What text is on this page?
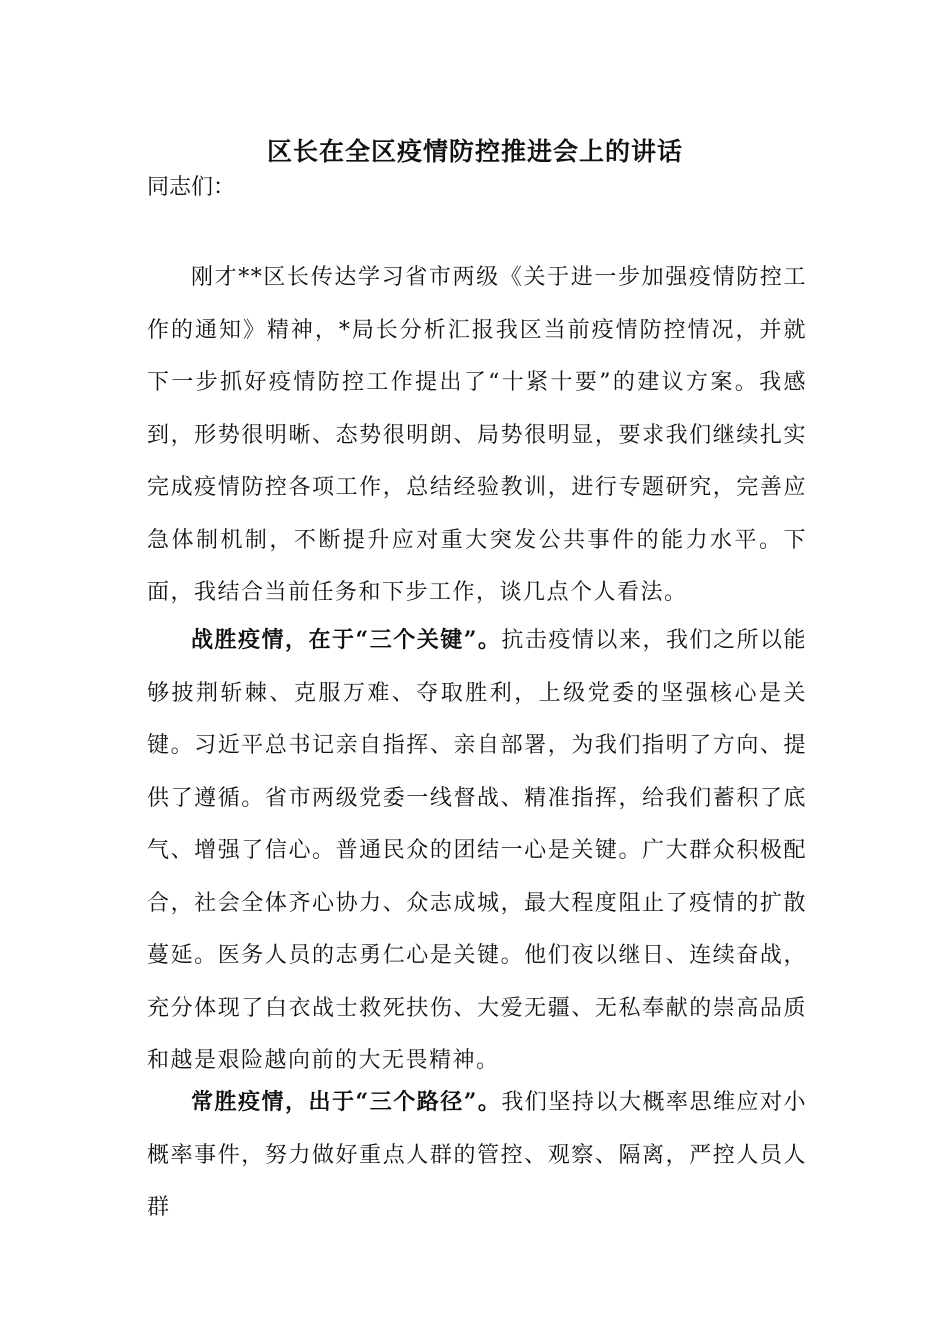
区长在全区疫情防控推进会上的讲话

同志们：

刚才**区长传达学习省市两级《关于进一步加强疫情防控工作的通知》精神，*局长分析汇报我区当前疫情防控情况，并就下一步抓好疫情防控工作提出了“十紧十要”的建议方案。我感到，形势很明晰、态势很明朗、局势很明显，要求我们继续扎实完成疫情防控各项工作，总结经验教训，进行专题研究，完善应急体制机制，不断提升应对重大突发公共事件的能力水平。下面，我结合当前任务和下步工作，谈几点个人看法。

战胜疫情，在于“三个关键”。抗击疫情以来，我们之所以能够披荆斩棘、克服万难、夺取胜利，上级党委的坚强核心是关键。习近平总书记亲自指挥、亲自部署，为我们指明了方向、提供了遵循。省市两级党委一线督战、精准指挥，给我们蓄积了底气、增强了信心。普通民众的团结一心是关键。广大群众积极配合，社会全体齐心协力、众志成城，最大程度阻止了疫情的扩散蔓延。医务人员的志勇仁心是关键。他们夜以继日、连续奋战，充分体现了白衣战士救死扶伤、大爱无疆、无私奉献的崇高品质和越是艰险越向前的大无畏精神。

常胜疫情，出于“三个路径”。我们坚持以大概率思维应对小概率事件，努力做好重点人群的管控、观察、隔离，严控人员人群
